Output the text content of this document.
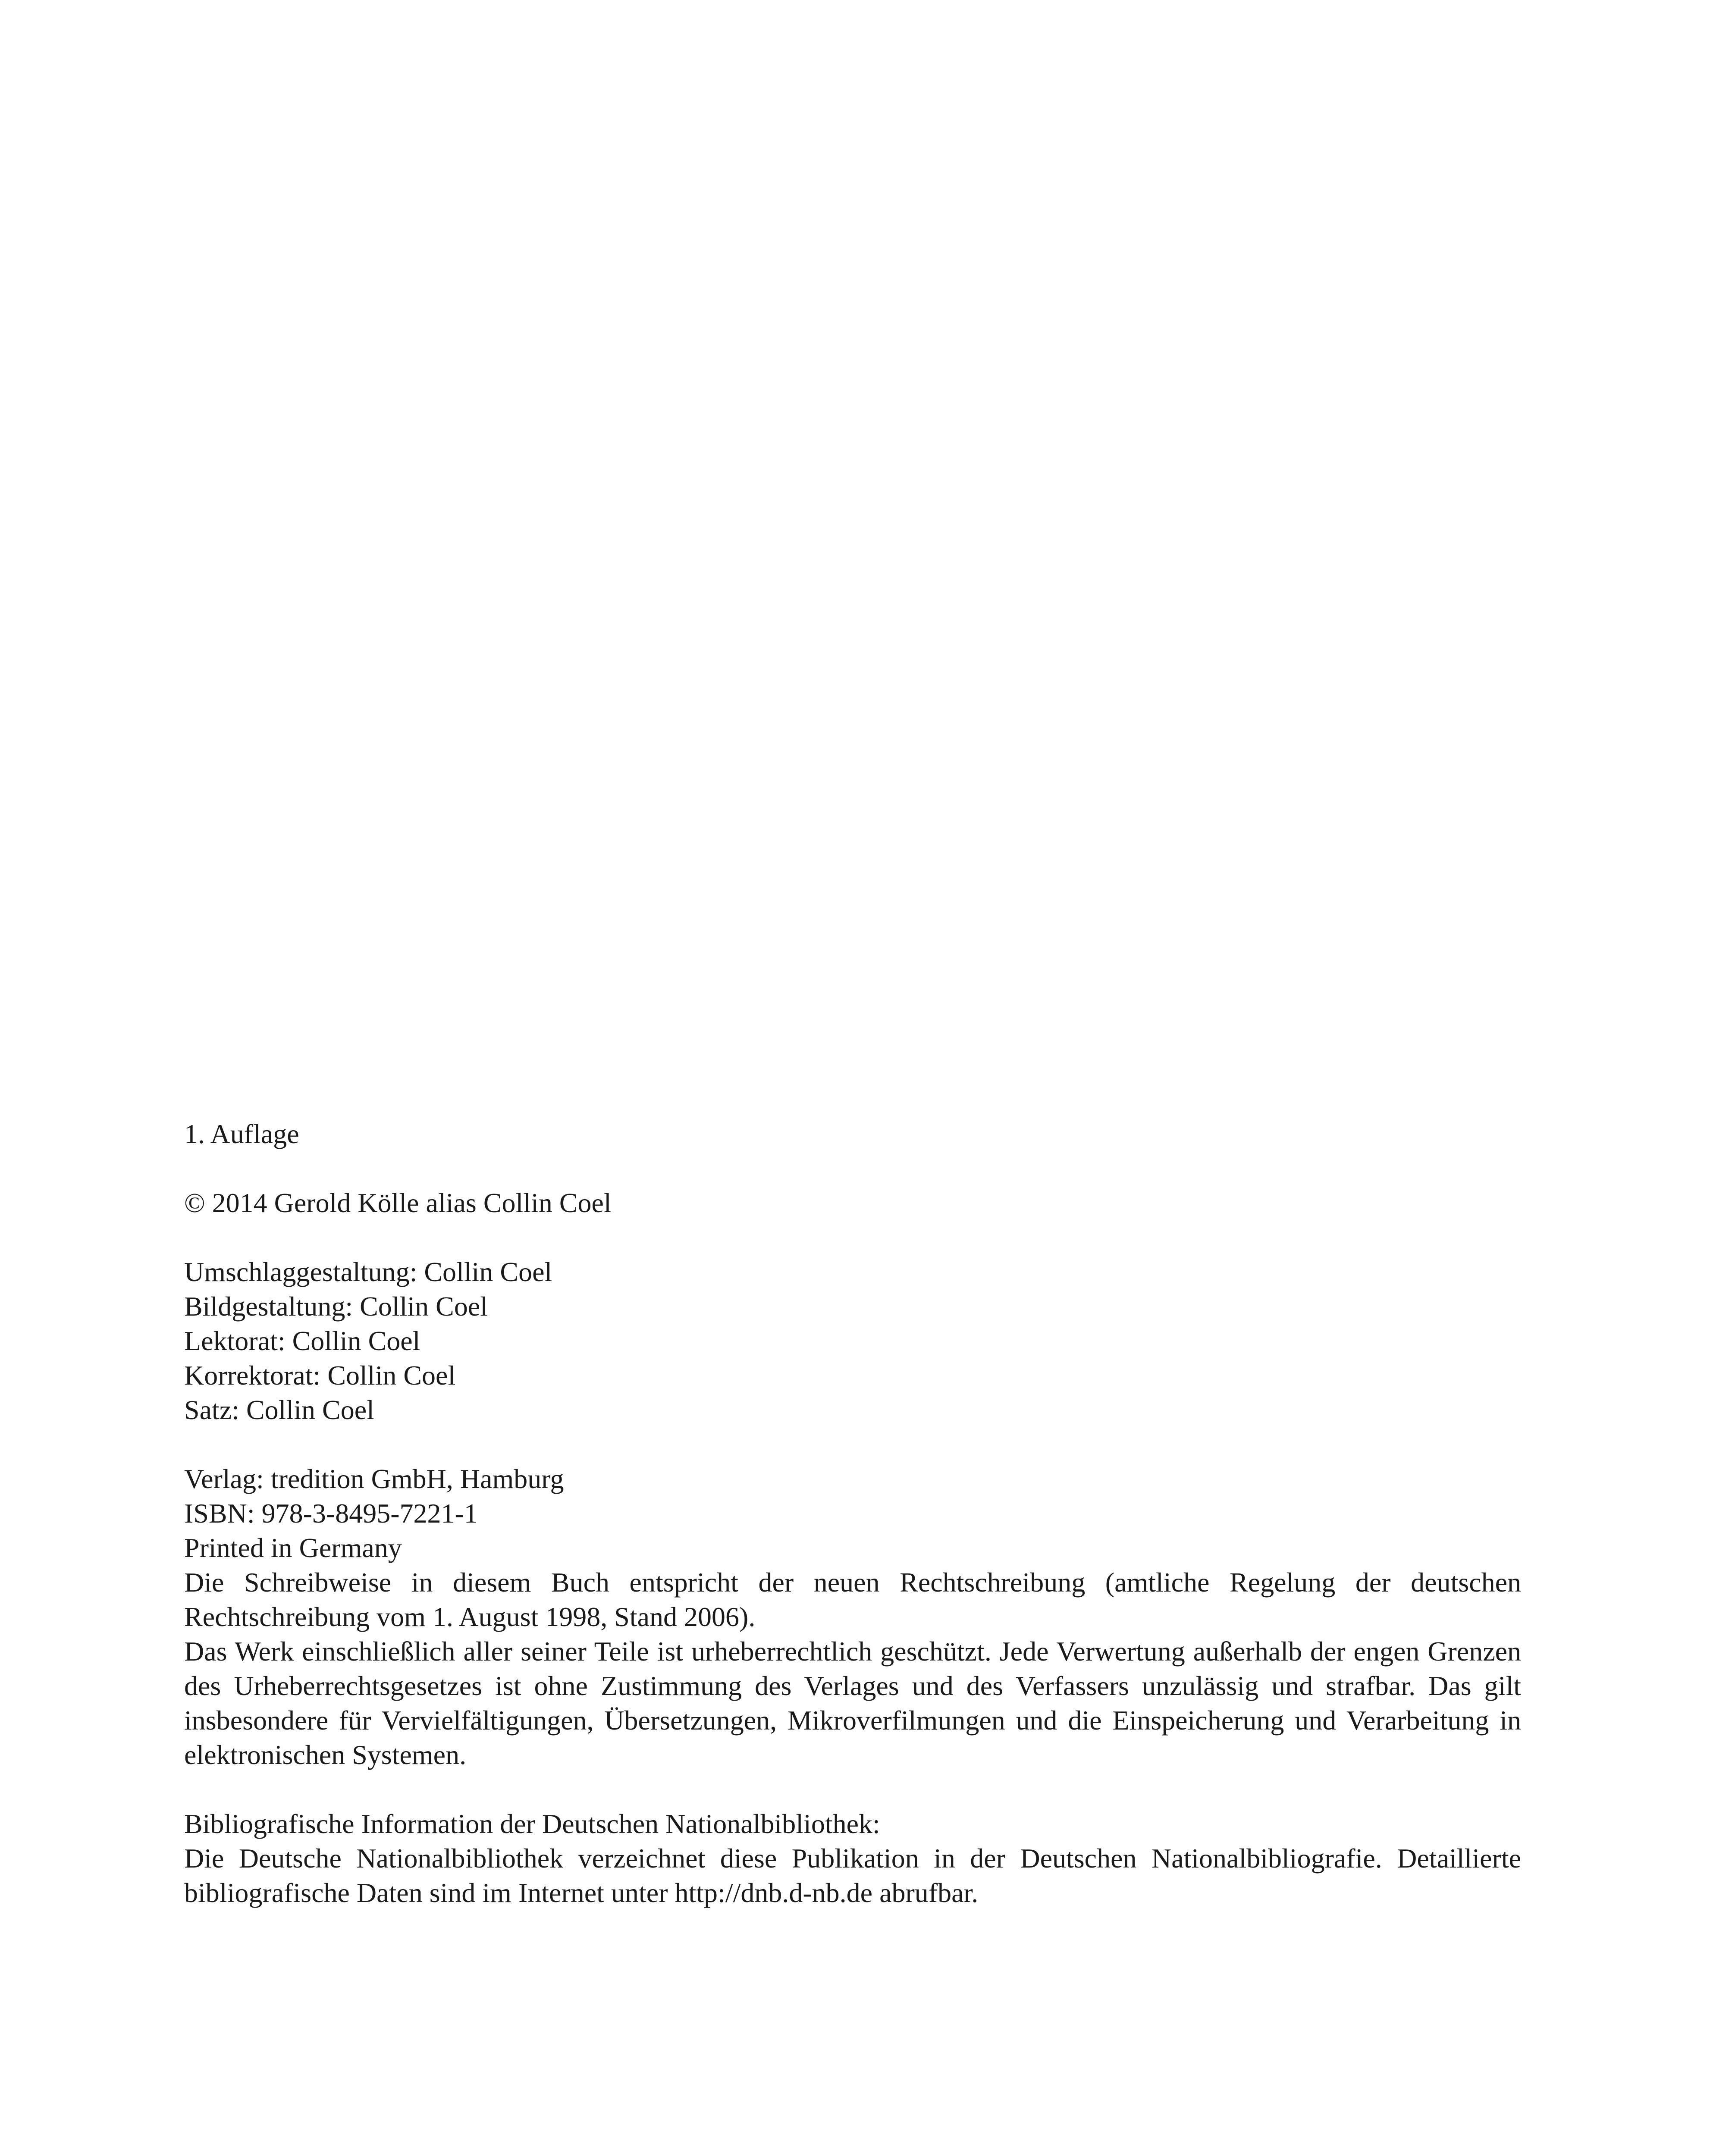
1. Auflage

© 2014 Gerold Kölle alias Collin Coel

Umschlaggestaltung: Collin Coel

Bildgestaltung: Collin Coel

Lektorat: Collin Coel

Korrektorat: Collin Coel

Satz: Collin Coel

Verlag: tredition GmbH, Hamburg

ISBN: 978-3-8495-7221-1

Printed in Germany

Die Schreibweise in diesem Buch entspricht der neuen Rechtschreibung (amtliche Regelung der deutschen Rechtschreibung vom 1. August 1998, Stand 2006).

Das Werk einschließlich aller seiner Teile ist urheberrechtlich geschützt. Jede Verwertung außerhalb der engen Grenzen des Urheberrechtsgesetzes ist ohne Zustimmung des Verlages und des Verfassers unzulässig und strafbar. Das gilt insbesondere für Vervielfältigungen, Übersetzungen, Mikroverfilmungen und die Einspeicherung und Verarbeitung in elektronischen Systemen.

Bibliografische Information der Deutschen Nationalbibliothek:

Die Deutsche Nationalbibliothek verzeichnet diese Publikation in der Deutschen Nationalbibliografie. Detaillierte bibliografische Daten sind im Internet unter http://dnb.d-nb.de abrufbar.
